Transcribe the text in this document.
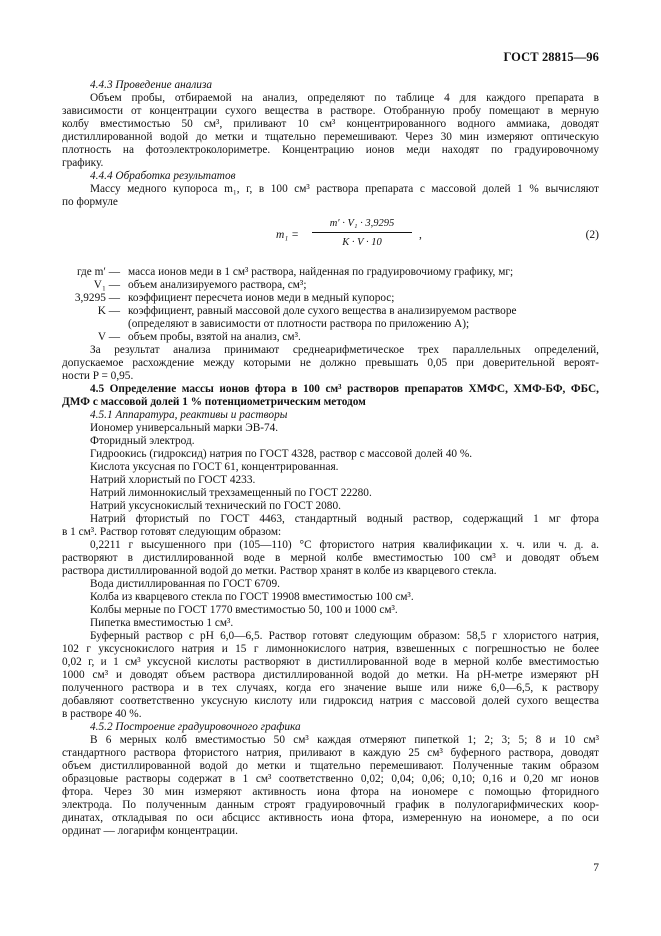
ГОСТ 28815—96
4.4.3 Проведение анализа
Объем пробы, отбираемой на анализ, определяют по таблице 4 для каждого препарата в
зависимости от концентрации сухого вещества в растворе. Отобранную пробу помещают в мерную
колбу вместимостью 50 см³, приливают 10 см³ концентрированного водного аммиака, доводят
дистиллированной водой до метки и тщательно перемешивают. Через 30 мин измеряют оптическую
плотность на фотоэлектроколориметре. Концентрацию ионов меди находят по градуировочному
графику.
4.4.4 Обработка результатов
Массу медного купороса m₁, г, в 100 см³ раствора препарата с массовой долей 1 % вычисляют
по формуле
m₁ =
m′ · V₁ · 3,9295
K · V · 10
,	(2)
где m′ — масса ионов меди в 1 см³ раствора, найденная по градуировочиому графику, мг;
V₁ — объем анализируемого раствора, см³;
3,9295 — коэффициент пересчета ионов меди в медный купорос;
K — коэффициент, равный массовой доле сухого вещества в анализируемом растворе
(определяют в зависимости от плотности раствора по приложению А);
V — объем пробы, взятой на анализ, см³.
За результат анализа принимают среднеарифметическое трех параллельных определений,
допускаемое расхождение между которыми не должно превышать 0,05 при доверительной вероят-
ности P = 0,95.
4.5 Определение массы ионов фтора в 100 см³ растворов препаратов ХМФС, ХМФ-БФ, ФБС,
ДМФ с массовой долей 1 % потенциометрическим методом
4.5.1 Аппаратура, реактивы и растворы
Иономер универсальный марки ЭВ-74.
Фторидный электрод.
Гидроокись (гидроксид) натрия по ГОСТ 4328, раствор с массовой долей 40 %.
Кислота уксусная по ГОСТ 61, концентрированная.
Натрий хлористый по ГОСТ 4233.
Натрий лимоннокислый трехзамещенный по ГОСТ 22280.
Натрий уксуснокислый технический по ГОСТ 2080.
Натрий фтористый по ГОСТ 4463, стандартный водный раствор, содержащий 1 мг фтора
в 1 см³. Раствор готовят следующим образом:
0,2211 г высушенного при (105—110) °С фтористого натрия квалификации х. ч. или ч. д. а.
растворяют в дистиллированной воде в мерной колбе вместимостью 100 см³ и доводят объем
раствора дистиллированной водой до метки. Раствор хранят в колбе из кварцевого стекла.
Вода дистиллированная по ГОСТ 6709.
Колба из кварцевого стекла по ГОСТ 19908 вместимостью 100 см³.
Колбы мерные по ГОСТ 1770 вместимостью 50, 100 и 1000 см³.
Пипетка вместимостью 1 см³.
Буферный раствор с рН 6,0—6,5. Раствор готовят следующим образом: 58,5 г хлористого натрия,
102 г уксуснокислого натрия и 15 г лимоннокислого натрия, взвешенных с погрешностью не более
0,02 г, и 1 см³ уксусной кислоты растворяют в дистиллированной воде в мерной колбе вместимостью
1000 см³ и доводят объем раствора дистиллированной водой до метки. На рН-метре измеряют рН
полученного раствора и в тех случаях, когда его значение выше или ниже 6,0—6,5, к раствору
добавляют соответственно уксусную кислоту или гидроксид натрия с массовой долей сухого вещества
в растворе 40 %.
4.5.2 Построение градуировочного графика
В 6 мерных колб вместимостью 50 см³ каждая отмеряют пипеткой 1; 2; 3; 5; 8 и 10 см³
стандартного раствора фтористого натрия, приливают в каждую 25 см³ буферного раствора, доводят
объем дистиллированной водой до метки и тщательно перемешивают. Полученные таким образом
образцовые растворы содержат в 1 см³ соответственно 0,02; 0,04; 0,06; 0,10; 0,16 и 0,20 мг ионов
фтора. Через 30 мин измеряют активность иона фтора на иономере с помощью фторидного
электрода. По полученным данным строят градуировочный график в полулогарифмических коор-
динатах, откладывая по оси абсцисс активность иона фтора, измеренную на иономере, а по оси
ординат — логарифм концентрации.
7
